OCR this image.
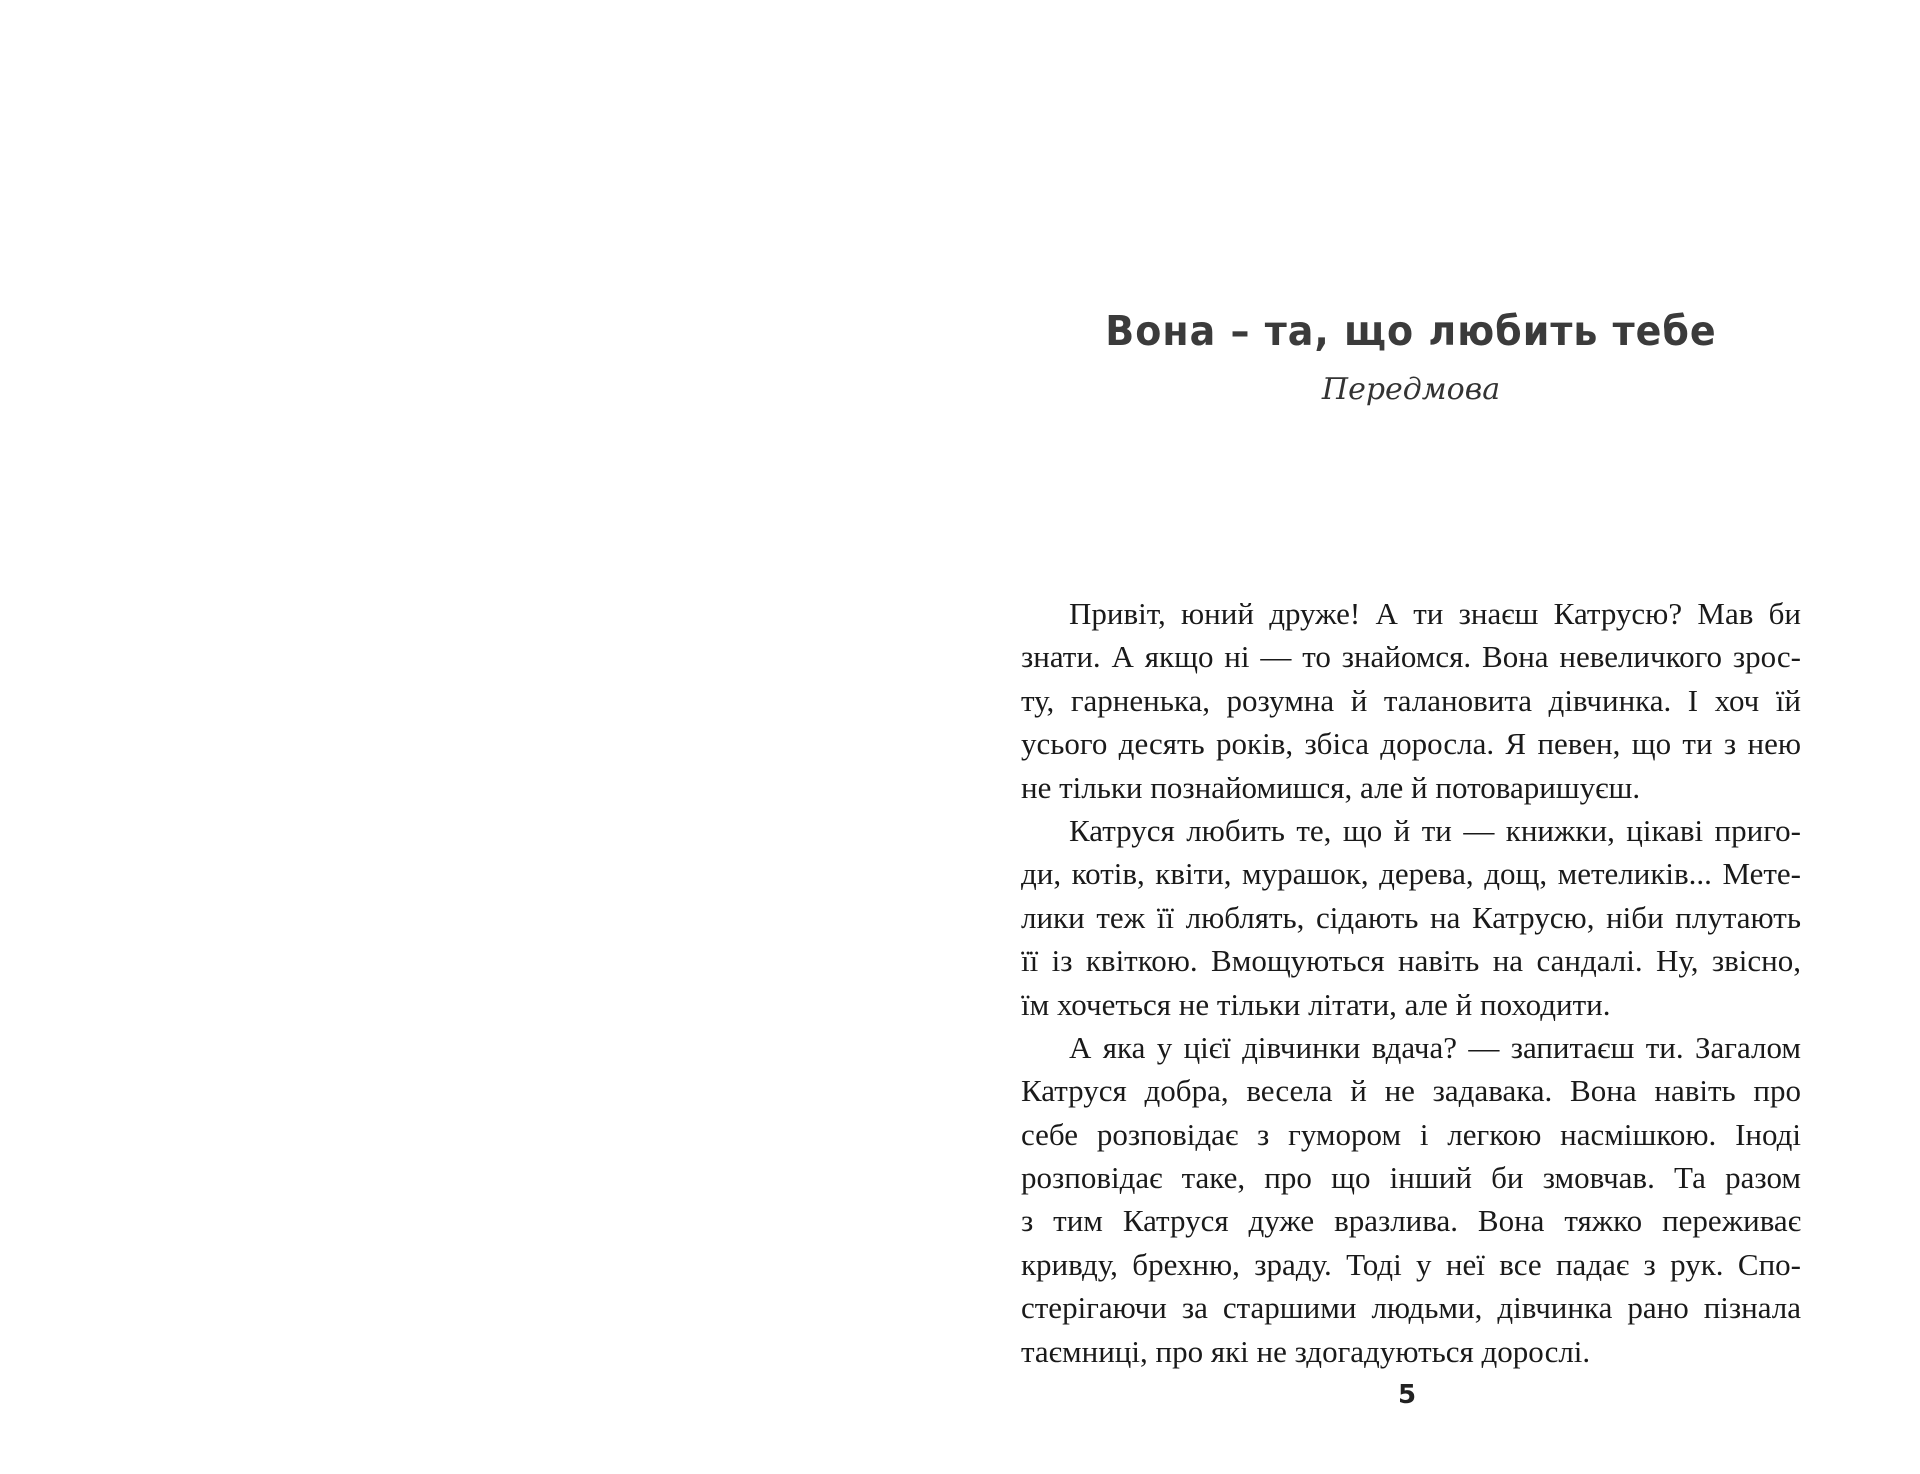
Вона – та, що любить тебе
Передмова
Привіт, юний друже! А ти знаєш Катрусю? Мав би
знати. А якщо ні — то знайомся. Вона невеличкого зрос-
ту, гарненька, розумна й талановита дівчинка. І хоч їй
усього десять років, збіса доросла. Я певен, що ти з нею
не тільки познайомишся, але й потоваришуєш.
Катруся любить те, що й ти — книжки, цікаві приго-
ди, котів, квіти, мурашок, дерева, дощ, метеликів... Мете-
лики теж її люблять, сідають на Катрусю, ніби плутають
її із квіткою. Вмощуються навіть на сандалі. Ну, звісно,
їм хочеться не тільки літати, але й походити.
А яка у цієї дівчинки вдача? — запитаєш ти. Загалом
Катруся добра, весела й не задавака. Вона навіть про
себе розповідає з гумором і легкою насмішкою. Іноді
розповідає таке, про що інший би змовчав. Та разом
з тим Катруся дуже вразлива. Вона тяжко переживає
кривду, брехню, зраду. Тоді у неї все падає з рук. Спо-
стерігаючи за старшими людьми, дівчинка рано пізнала
таємниці, про які не здогадуються дорослі.
5
